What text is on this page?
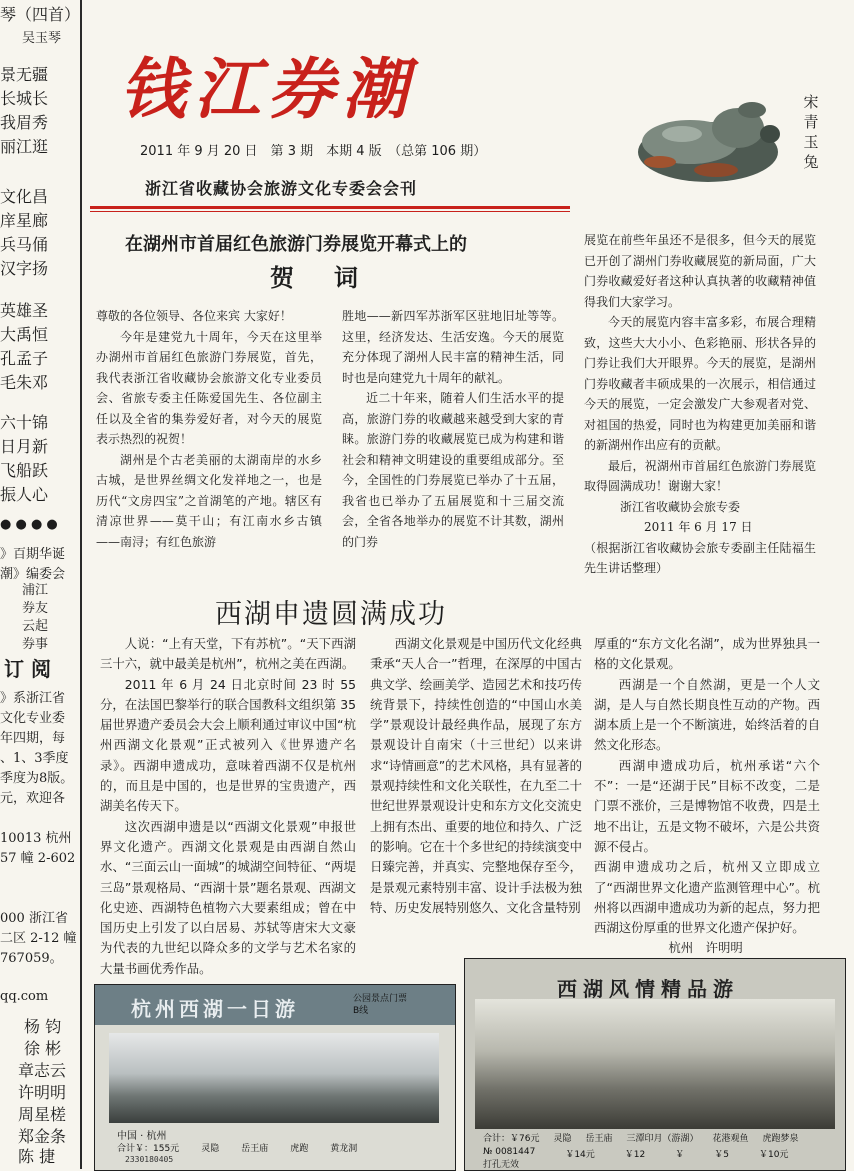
琴（四首）
吴玉琴
景无疆
长城长
我眉秀
丽江逛
文化昌
庠星廊
兵马俑
汉字扬
英雄圣
大禹恒
孔孟子
毛朱邓
六十锦
日月新
飞船跃
振人心
● ● ● ●
》百期华诞
潮》编委会
浦江
券友
云起
券事
订 阅
》系浙江省
文化专业委
年四期，每
、1、3季度
季度为8版。
元，欢迎各
10013 杭州
57 幢 2-602
000 浙江省
二区 2-12 幢
767059。
qq.com
杨 钧
徐 彬
章志云
许明明
周星槎
郑金条
陈 捷
钱江券潮
2011 年 9 月 20 日　第 3 期　本期 4 版　（总第 106 期）
浙江省收藏协会旅游文化专委会会刊
宋青玉兔
在湖州市首届红色旅游门券展览开幕式上的
贺词

尊敬的各位领导、各位来宾 大家好！

今年是建党九十周年，今天在这里举办湖州市首届红色旅游门券展览，首先，我代表浙江省收藏协会旅游文化专业委员会、省旅专委主任陈爱国先生、各位副主任以及全省的集券爱好者，对今天的展览表示热烈的祝贺！

湖州是个古老美丽的太湖南岸的水乡古城，是世界丝绸文化发祥地之一，也是历代“文房四宝”之首湖笔的产地。辖区有清凉世界——莫干山；有江南水乡古镇——南浔；有红色旅游

胜地——新四军苏浙军区驻地旧址等等。这里，经济发达、生活安逸。今天的展览充分体现了湖州人民丰富的精神生活，同时也是向建党九十周年的献礼。

近二十年来，随着人们生活水平的提高，旅游门券的收藏越来越受到大家的青睐。旅游门券的收藏展览已成为构建和谐社会和精神文明建设的重要组成部分。至今，全国性的门券展览已举办了十五届，我省也已举办了五届展览和十三届交流会，全省各地举办的展览不计其数，湖州的门券

展览在前些年虽还不是很多，但今天的展览已开创了湖州门券收藏展览的新局面，广大门券收藏爱好者这种认真执著的收藏精神值得我们大家学习。

今天的展览内容丰富多彩，布展合理精致，这些大大小小、色彩艳丽、形状各异的门券让我们大开眼界。今天的展览，是湖州门券收藏者丰硕成果的一次展示，相信通过今天的展览，一定会激发广大参观者对党、对祖国的热爱，同时也为构建更加美丽和谐的新湖州作出应有的贡献。

最后，祝湖州市首届红色旅游门券展览取得圆满成功！谢谢大家！

浙江省收藏协会旅专委

2011 年 6 月 17 日

（根据浙江省收藏协会旅专委副主任陆福生先生讲话整理）

西湖申遗圆满成功

人说：“上有天堂，下有苏杭”。“天下西湖三十六，就中最美是杭州”，杭州之美在西湖。

2011 年 6 月 24 日北京时间 23 时 55 分，在法国巴黎举行的联合国教科文组织第 35 届世界遗产委员会大会上顺利通过审议中国“杭州西湖文化景观”正式被列入《世界遗产名录》。西湖申遗成功，意味着西湖不仅是杭州的，而且是中国的，也是世界的宝贵遗产，西湖美名传天下。

这次西湖申遗是以“西湖文化景观”申报世界文化遗产。西湖文化景观是由西湖自然山水、“三面云山一面城”的城湖空间特征、“两堤三岛”景观格局、“西湖十景”题名景观、西湖文化史迹、西湖特色植物六大要素组成；曾在中国历史上引发了以白居易、苏轼等唐宋大文豪为代表的九世纪以降众多的文学与艺术名家的大量书画优秀作品。

西湖文化景观是中国历代文化经典秉承“天人合一”哲理，在深厚的中国古典文学、绘画美学、造园艺术和技巧传统背景下，持续性创造的“中国山水美学”景观设计最经典作品，展现了东方景观设计自南宋（十三世纪）以来讲求“诗情画意”的艺术风格，具有显著的景观持续性和文化关联性，在九至二十世纪世界景观设计史和东方文化交流史上拥有杰出、重要的地位和持久、广泛的影响。它在十个多世纪的持续演变中日臻完善，并真实、完整地保存至今，是景观元素特别丰富、设计手法极为独特、历史发展特别悠久、文化含量特别

厚重的“东方文化名湖”，成为世界独具一格的文化景观。

西湖是一个自然湖，更是一个人文湖，是人与自然长期良性互动的产物。西湖本质上是一个不断演进，始终活着的自然文化形态。

西湖申遗成功后，杭州承诺“六个不”：一是“还湖于民”目标不改变，二是门票不涨价，三是博物馆不收费，四是土地不出让，五是文物不破坏，六是公共资源不侵占。

西湖申遗成功之后，杭州又立即成立了“西湖世界文化遗产监测管理中心”。杭州将以西湖申遗成功为新的起点，努力把西湖这份厚重的世界文化遗产保护好。

杭州　许明明

杭州西湖一日游	公园景点门票
B线
中国 · 杭州
合计￥：155元 灵隐 岳王庙 虎跑 黄龙洞
2330180405
西湖风情精品游
合计：￥76元 灵隐 岳王庙 三潭印月（游湖） 花港观鱼 虎跑梦泉
№ 0081447	￥14元	￥12	￥	￥5	￥10元
打孔无效
